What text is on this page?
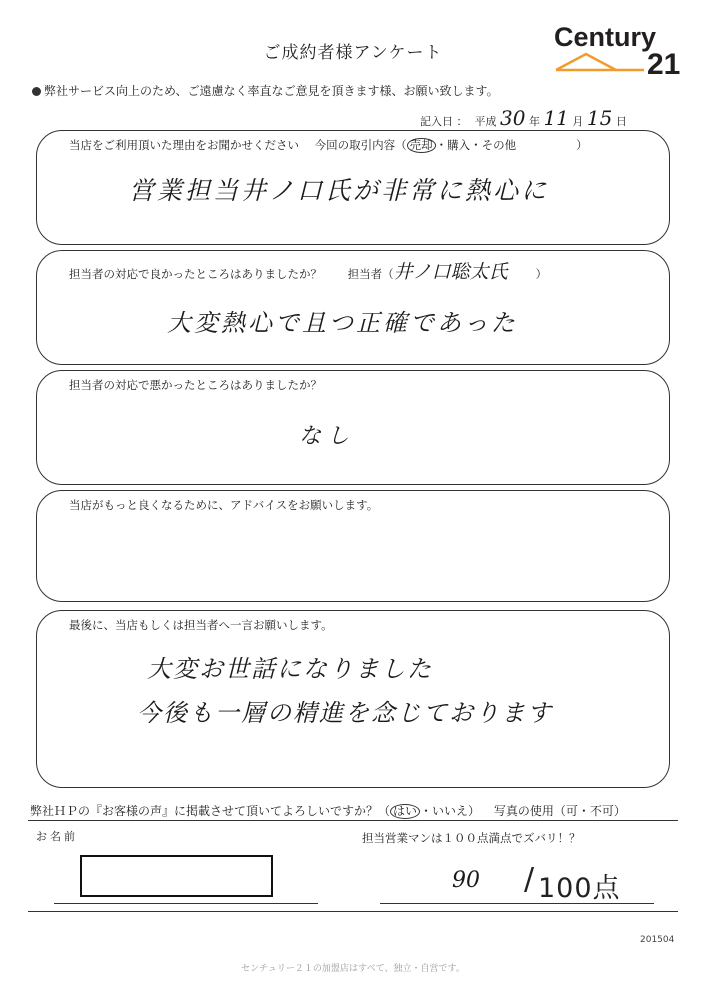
ご成約者様アンケート
Century
21
弊社サービス向上のため、ご遠慮なく率直なご意見を頂きます様、お願い致します。
記入日 ：  平成 30 年 11 月 15 日
当店をご利用頂いた理由をお聞かせください 今回の取引内容（ 売却 ・購入・その他	）
営業担当井ノ口氏が非常に熱心に
担当者の対応で良かったところはありましたか？ 担当者（井ノ口聡太氏 ）
大変熱心で且つ正確であった
担当者の対応で悪かったところはありましたか？
なし
当店がもっと良くなるために、アドバイスをお願いします。
最後に、当店もしくは担当者へ一言お願いします。
大変お世話になりました
今後も一層の精進を念じております
弊社ＨＰの『お客様の声』に掲載させて頂いてよろしいですか？（ はい ・いいえ） 写真の使用（可・不可）
お名前	担当営業マンは１００点満点でズバリ！？
90 / 100点
201504
センチュリー２１の加盟店はすべて、独立・自営です。
